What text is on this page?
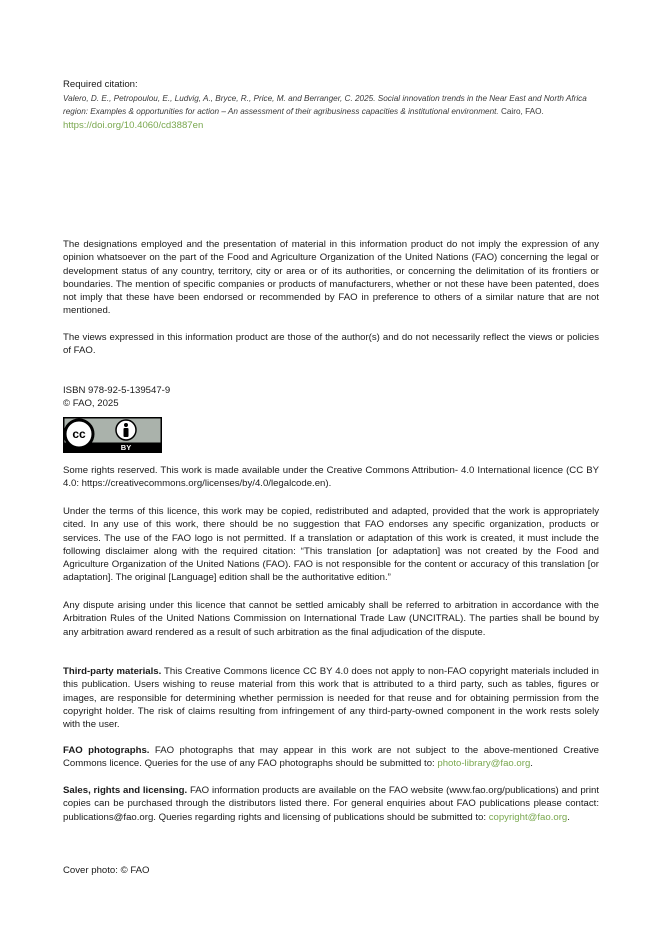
Required citation:

Valero, D. E., Petropoulou, E., Ludvig, A., Bryce, R., Price, M. and Berranger, C. 2025. Social innovation trends in the Near East and North Africa region: Examples & opportunities for action – An assessment of their agribusiness capacities & institutional environment. Cairo, FAO.

https://doi.org/10.4060/cd3887en

The designations employed and the presentation of material in this information product do not imply the expression of any opinion whatsoever on the part of the Food and Agriculture Organization of the United Nations (FAO) concerning the legal or development status of any country, territory, city or area or of its authorities, or concerning the delimitation of its frontiers or boundaries. The mention of specific companies or products of manufacturers, whether or not these have been patented, does not imply that these have been endorsed or recommended by FAO in preference to others of a similar nature that are not mentioned.

The views expressed in this information product are those of the author(s) and do not necessarily reflect the views or policies of FAO.

ISBN 978-92-5-139547-9

© FAO, 2025

cc
BY

Some rights reserved. This work is made available under the Creative Commons Attribution- 4.0 International licence (CC BY 4.0: https://creativecommons.org/licenses/by/4.0/legalcode.en).

Under the terms of this licence, this work may be copied, redistributed and adapted, provided that the work is appropriately cited. In any use of this work, there should be no suggestion that FAO endorses any specific organization, products or services. The use of the FAO logo is not permitted. If a translation or adaptation of this work is created, it must include the following disclaimer along with the required citation: “This translation [or adaptation] was not created by the Food and Agriculture Organization of the United Nations (FAO). FAO is not responsible for the content or accuracy of this translation [or adaptation]. The original [Language] edition shall be the authoritative edition.”

Any dispute arising under this licence that cannot be settled amicably shall be referred to arbitration in accordance with the Arbitration Rules of the United Nations Commission on International Trade Law (UNCITRAL). The parties shall be bound by any arbitration award rendered as a result of such arbitration as the final adjudication of the dispute.

Third-party materials. This Creative Commons licence CC BY 4.0 does not apply to non-FAO copyright materials included in this publication. Users wishing to reuse material from this work that is attributed to a third party, such as tables, figures or images, are responsible for determining whether permission is needed for that reuse and for obtaining permission from the copyright holder. The risk of claims resulting from infringement of any third-party-owned component in the work rests solely with the user.

FAO photographs. FAO photographs that may appear in this work are not subject to the above-mentioned Creative Commons licence. Queries for the use of any FAO photographs should be submitted to: photo-library@fao.org.

Sales, rights and licensing. FAO information products are available on the FAO website (www.fao.org/publications) and print copies can be purchased through the distributors listed there. For general enquiries about FAO publications please contact: publications@fao.org. Queries regarding rights and licensing of publications should be submitted to: copyright@fao.org.

Cover photo: © FAO
